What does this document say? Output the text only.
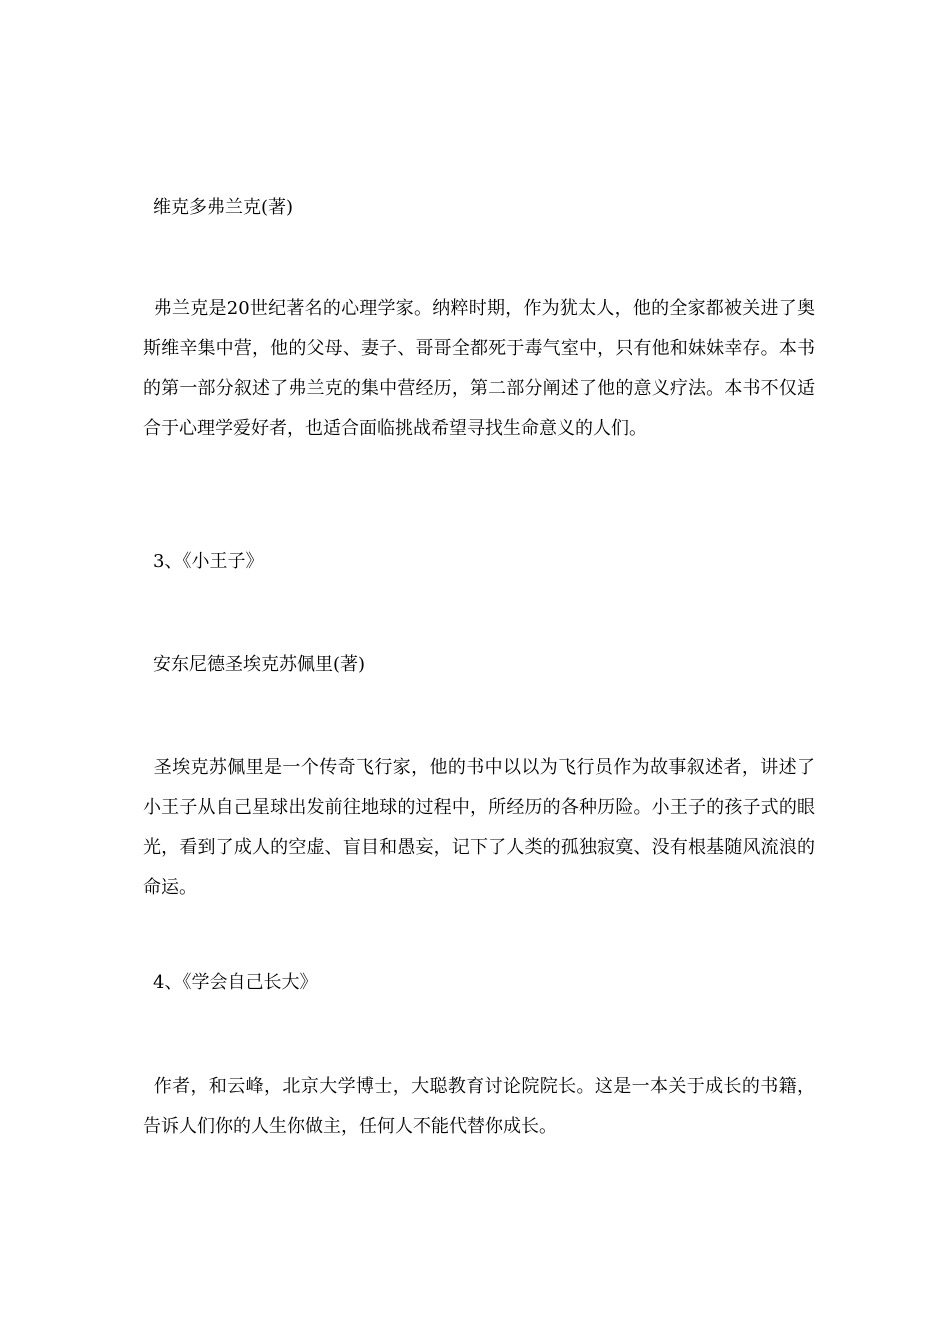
维克多弗兰克(著)

弗兰克是20世纪著名的心理学家。纳粹时期，作为犹太人，他的全家都被关进了奥斯维辛集中营，他的父母、妻子、哥哥全都死于毒气室中，只有他和妹妹幸存。本书的第一部分叙述了弗兰克的集中营经历，第二部分阐述了他的意义疗法。本书不仅适合于心理学爱好者，也适合面临挑战希望寻找生命意义的人们。

3、《小王子》
安东尼德圣埃克苏佩里(著)

圣埃克苏佩里是一个传奇飞行家，他的书中以以为飞行员作为故事叙述者，讲述了小王子从自己星球出发前往地球的过程中，所经历的各种历险。小王子的孩子式的眼光，看到了成人的空虚、盲目和愚妄，记下了人类的孤独寂寞、没有根基随风流浪的命运。

4、《学会自己长大》

作者，和云峰，北京大学博士，大聪教育讨论院院长。这是一本关于成长的书籍，告诉人们你的人生你做主，任何人不能代替你成长。
